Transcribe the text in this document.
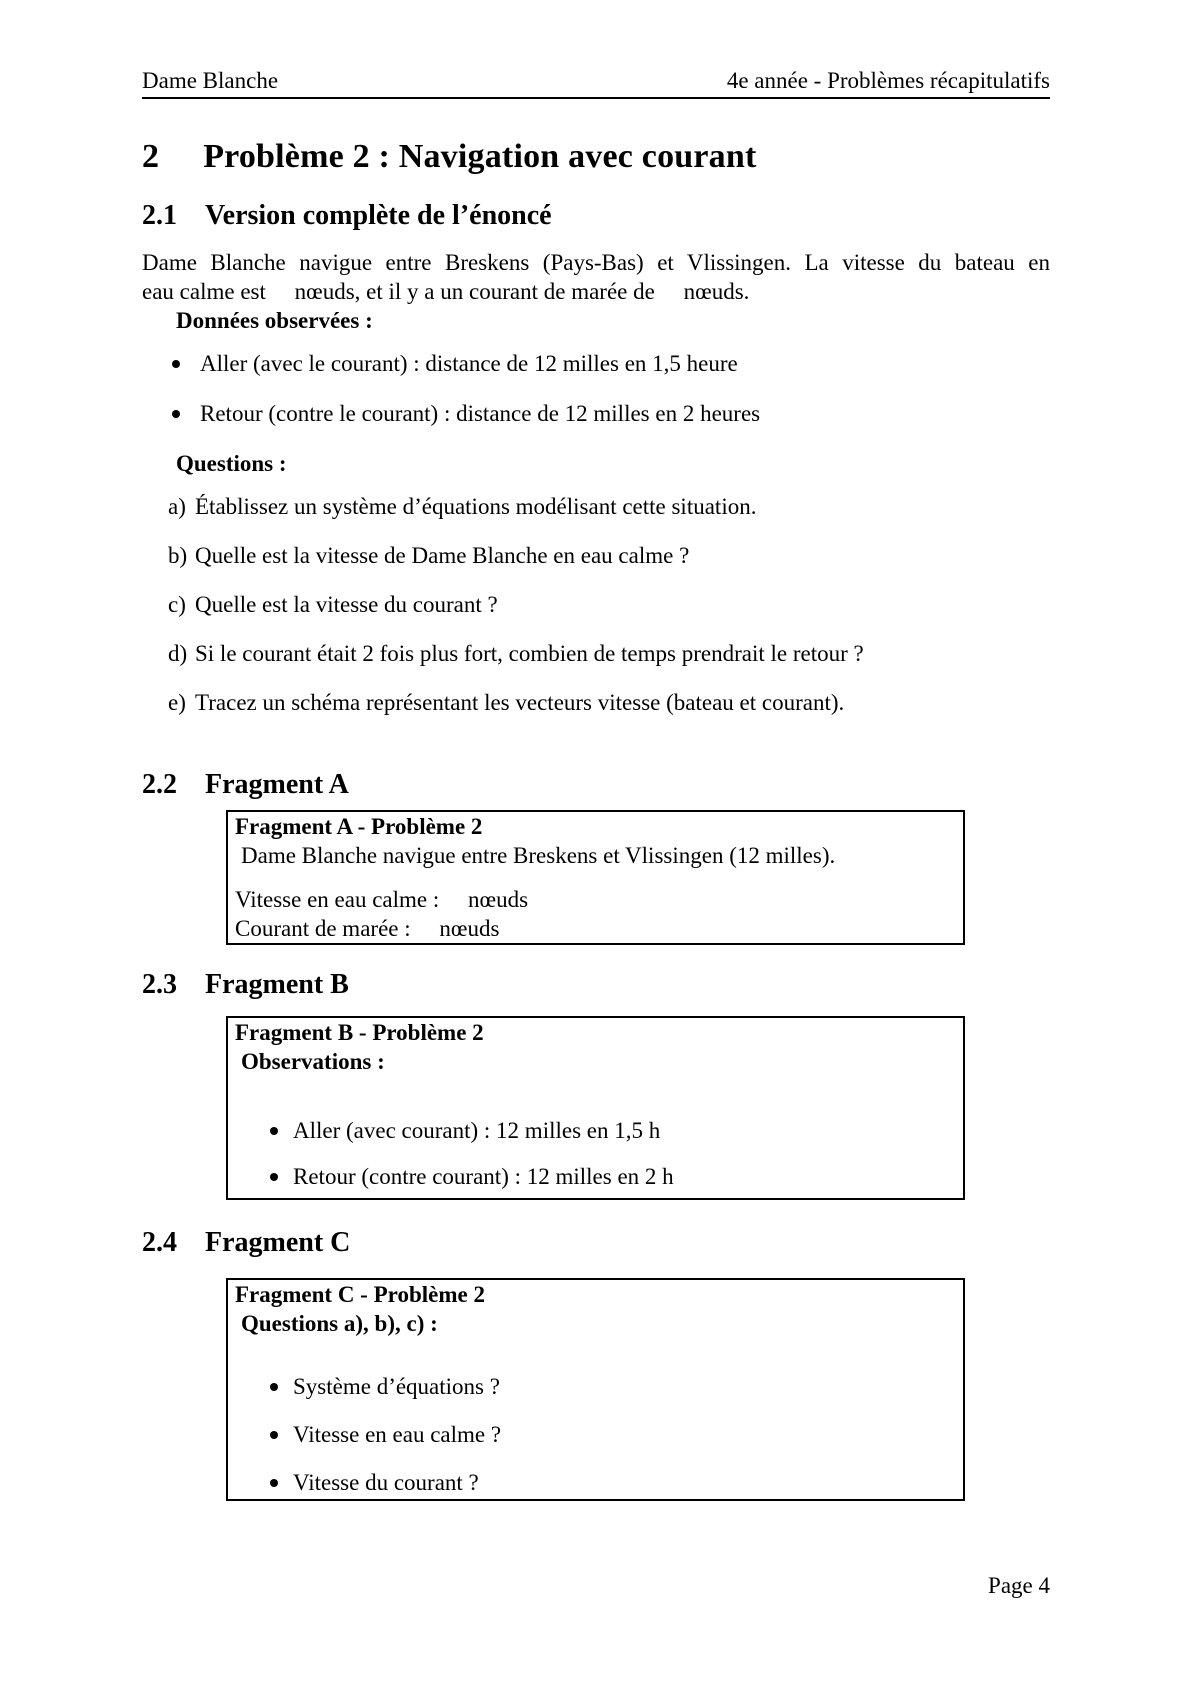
Dame Blanche	4e année - Problèmes récapitulatifs
2 Problème 2 : Navigation avec courant
2.1 Version complète de l’énoncé
Dame Blanche navigue entre Breskens (Pays-Bas) et Vlissingen. La vitesse du bateau en
eau calme est     nœuds, et il y a un courant de marée de     nœuds.
Données observées :
Aller (avec le courant) : distance de 12 milles en 1,5 heure
Retour (contre le courant) : distance de 12 milles en 2 heures
Questions :
a) Établissez un système d’équations modélisant cette situation.
b) Quelle est la vitesse de Dame Blanche en eau calme ?
c) Quelle est la vitesse du courant ?
d) Si le courant était 2 fois plus fort, combien de temps prendrait le retour ?
e) Tracez un schéma représentant les vecteurs vitesse (bateau et courant).
2.2 Fragment A
Fragment A - Problème 2
Dame Blanche navigue entre Breskens et Vlissingen (12 milles).
Vitesse en eau calme :     nœuds
Courant de marée :     nœuds
2.3 Fragment B
Fragment B - Problème 2
Observations :
Aller (avec courant) : 12 milles en 1,5 h
Retour (contre courant) : 12 milles en 2 h
2.4 Fragment C
Fragment C - Problème 2
Questions a), b), c) :
Système d’équations ?
Vitesse en eau calme ?
Vitesse du courant ?
Page 4
